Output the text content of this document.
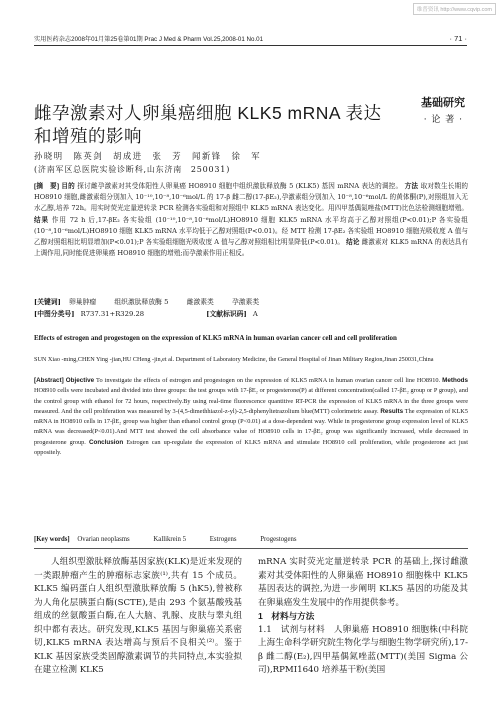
维普资讯 http://www.cqvip.com
实用医药杂志2008年01月第25卷第01期 Prac J Med & Pharm Vol.25,2008-01 No.01	· 71 ·
基础研究
· 论 著 ·
雌孕激素对人卵巢癌细胞 KLK5 mRNA 表达和增殖的影响
孙晓明　陈英剑　胡成进　张　芳　闻新锋　徐　军
(济南军区总医院实验诊断科,山东济南　250031)
[摘　要] 目的 探讨雌孕激素对其受体阳性人卵巢癌 HO8910 细胞中组织激肽释放酶 5 (KLK5) 基因 mRNA 表达的调控。 方法 取对数生长期的 HO8910 细胞,雌激素组分别加入 10⁻¹⁰,10⁻⁸,10⁻⁶mol/L 的 17-β 雌二醇(17-βE₂),孕激素组分别加入 10⁻⁸,10⁻⁶mol/L 的黄体酮(P),对照组加入无水乙醇,培养 72h。用实时荧光定量逆转录 PCR 检测各实验组和对照组中 KLK5 mRNA 表达变化。用四甲基偶氮唑盐(MTT)比色法检测细胞增殖。 结果 作用 72 h 后,17-βE₂ 各实验组 (10⁻¹⁰,10⁻⁸,10⁻⁶mol/L)HO8910 细胞 KLK5 mRNA 水平均高于乙醇对照组(P<0.01);P 各实验组 (10⁻⁸,10⁻⁶mol/L)HO8910 细胞 KLK5 mRNA 水平均低于乙醇对照组(P<0.01)。经 MTT 检测 17-βE₂ 各实验组 HO8910 细胞光吸收度 A 值与乙醇对照组相比明显增加(P<0.01);P 各实验组细胞光吸收度 A 值与乙醇对照组相比明显降低(P<0.01)。 结论 雌激素对 KLK5 mRNA 的表达具有上调作用,同时能促进卵巢癌 HO8910 细胞的增殖;而孕激素作用正相反。
[关键词] 卵巢肿瘤	组织激肽释放酶 5	雌激素类	孕激素类
[中图分类号] R737.31+R329.28	[文献标识码] A
Effects of estrogen and progestogen on the expression of KLK5 mRNA in human ovarian cancer cell and cell proliferation
SUN Xiao -ming,CHEN Ying -jian,HU CHeng -jin,et al. Department of Laboratory Medicine, the General Hospital of Jinan Military Region,Jinan 250031,China
[Abstract] Objective To investigate the effects of estrogen and progestogen on the expression of KLK5 mRNA in human ovarian cancer cell line HO8910. Methods HO8910 cells were incubated and divided into three groups: the test groups with 17-βE₂ or progesterone(P) at different concentration(called 17-βE₂ group or P group), and the control group with ethanol for 72 hours, respectively.By using real-time fluorescence quantitive RT-PCR the expression of KLK5 mRNA in the three groups were measured. And the cell proliferation was measured by 3-(4,5-dimethhiazol-z-yl)-2,5-diphenyltetrazolium blue(MTT) colorimetric assay. Results The expression of KLK5 mRNA in HO8910 cells in 17-βE₂ group was higher than ethanol control group (P<0.01) at a dose-dependent way. While in progesterone group expression level of KLK5 mRNA was decreased(P<0.01).And MTT test showed the cell absorbance value of HO8910 cells in 17-βE₂ group was significantly increased, while decreased in progesterone group. Conclusion Estrogen can up-regulate the expression of KLK5 mRNA and stimulate HO8910 cell proliferation, while progesterone act just oppositely.
[Key words] Ovarian neoplasms	Kallikrein 5	Estrogens	Progestogens
人组织型激肽释放酶基因家族(KLK)是近来发现的一类跟肿瘤产生的肿瘤标志家族⁽¹⁾,共有 15 个成员。KLK5 编码蛋白人组织型激肽释放酶 5 (hK5),曾被称为人角化层胰蛋白酶(SCTE),是由 293 个氨基酸残基组成的丝氨酸蛋白酶,在人大脑、乳腺、皮肤与睾丸组织中都有表达。研究发现,KLK5 基因与卵巢癌关系密切,KLK5 mRNA 表达增高与预后不良相关⁽²⁾。鉴于 KLK 基因家族受类固醇激素调节的共同特点,本实验拟在建立检测 KLK5

mRNA 实时荧光定量逆转录 PCR 的基础上,探讨雌激素对其受体阳性的人卵巢癌 HO8910 细胞株中 KLK5 基因表达的调控,为进一步阐明 KLK5 基因的功能及其在卵巢癌发生发展中的作用提供参考。

1　材料与方法

1.1　试剂与材料　人卵巢癌 HO8910 细胞株(中科院上海生命科学研究院生物化学与细胞生物学研究所),17-β 雌二醇(E₂),四甲基偶氮唑蓝(MTT)(美国 Sigma 公司),RPMI1640 培养基干粉(美国
